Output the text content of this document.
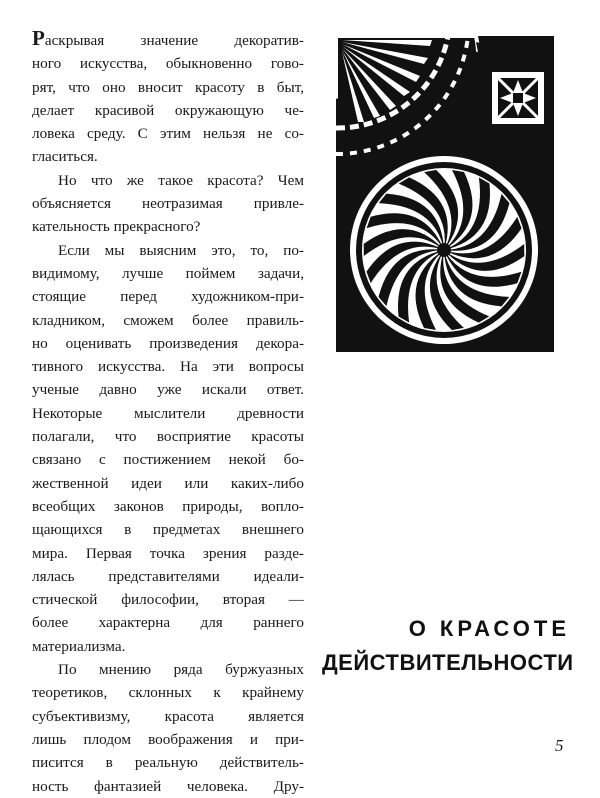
Раскрывая значение декоратив-
ного искусства, обыкновенно гово-
рят, что оно вносит красоту в быт,
делает красивой окружающую че-
ловека среду. С этим нельзя не со-
гласиться.
Но что же такое красота? Чем
объясняется неотразимая привле-
кательность прекрасного?
Если мы выясним это, то, по-
видимому, лучше поймем задачи,
стоящие перед художником-при-
кладником, сможем более правиль-
но оценивать произведения декора-
тивного искусства. На эти вопросы
ученые давно уже искали ответ.
Некоторые мыслители древности
полагали, что восприятие красоты
связано с постижением некой бо-
жественной идеи или каких-либо
всеобщих законов природы, вопло-
щающихся в предметах внешнего
мира. Первая точка зрения разде-
лялась представителями идеали-
стической философии, вторая —
более характерна для раннего
материализма.
По мнению ряда буржуазных
теоретиков, склонных к крайнему
субъективизму, красота является
лишь плодом воображения и при-
писится в реальную действитель-
ность фантазией человека. Дру-
О КРАСОТЕ
ДЕЙСТВИТЕЛЬНОСТИ
5
